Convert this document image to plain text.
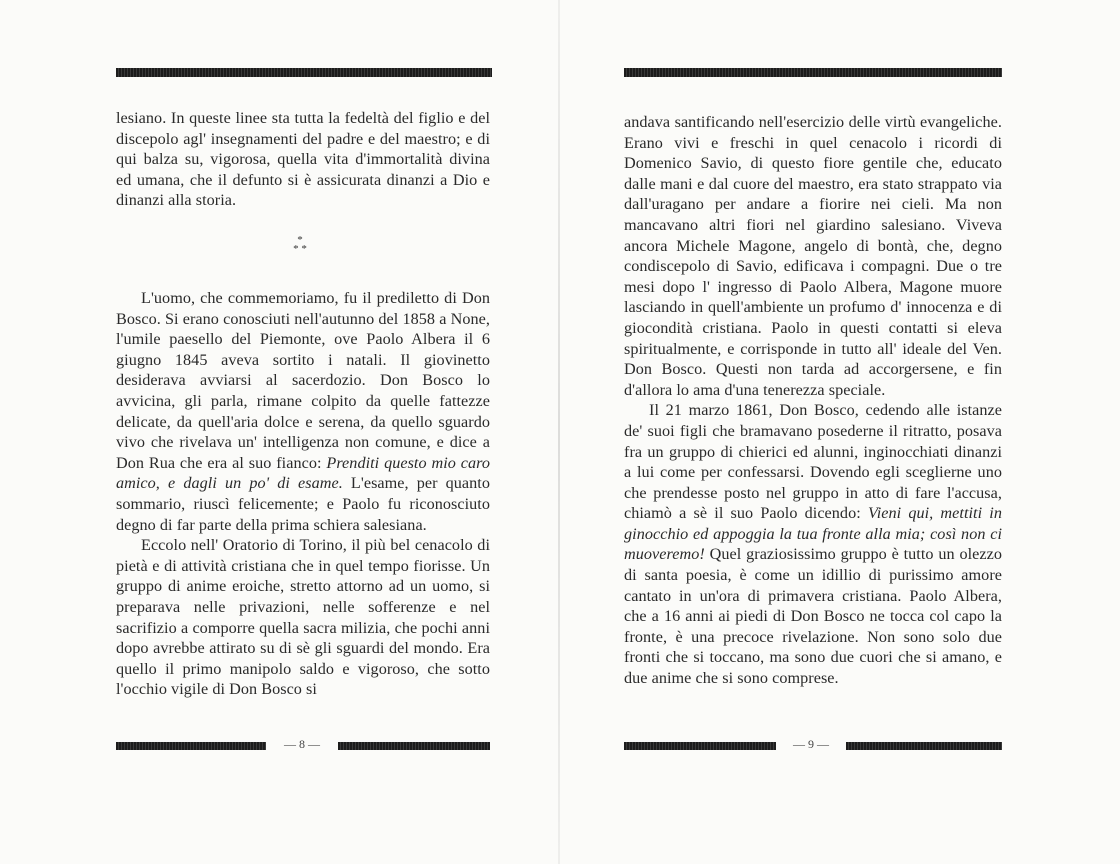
lesiano. In queste linee sta tutta la fedeltà del figlio e del discepolo agl' insegnamenti del padre e del maestro; e di qui balza su, vigorosa, quella vita d'immortalità divina ed umana, che il defunto si è assicurata dinanzi a Dio e dinanzi alla storia.

*
* *

L'uomo, che commemoriamo, fu il prediletto di Don Bosco. Si erano conosciuti nell'autunno del 1858 a None, l'umile paesello del Piemonte, ove Paolo Albera il 6 giugno 1845 aveva sortito i natali. Il giovinetto desiderava avviarsi al sacerdozio. Don Bosco lo avvicina, gli parla, rimane colpito da quelle fattezze delicate, da quell'aria dolce e serena, da quello sguardo vivo che rivelava un' intelligenza non comune, e dice a Don Rua che era al suo fianco: Prenditi questo mio caro amico, e dagli un po' di esame. L'esame, per quanto sommario, riuscì felicemente; e Paolo fu riconosciuto degno di far parte della prima schiera salesiana.

Eccolo nell' Oratorio di Torino, il più bel cenacolo di pietà e di attività cristiana che in quel tempo fiorisse. Un gruppo di anime eroiche, stretto attorno ad un uomo, si preparava nelle privazioni, nelle sofferenze e nel sacrifizio a comporre quella sacra milizia, che pochi anni dopo avrebbe attirato su di sè gli sguardi del mondo. Era quello il primo manipolo saldo e vigoroso, che sotto l'occhio vigile di Don Bosco si

— 8 —

andava santificando nell'esercizio delle virtù evangeliche. Erano vivi e freschi in quel cenacolo i ricordi di Domenico Savio, di questo fiore gentile che, educato dalle mani e dal cuore del maestro, era stato strappato via dall'uragano per andare a fiorire nei cieli. Ma non mancavano altri fiori nel giardino salesiano. Viveva ancora Michele Magone, angelo di bontà, che, degno condiscepolo di Savio, edificava i compagni. Due o tre mesi dopo l' ingresso di Paolo Albera, Magone muore lasciando in quell'ambiente un profumo d' innocenza e di giocondità cristiana. Paolo in questi contatti si eleva spiritualmente, e corrisponde in tutto all' ideale del Ven. Don Bosco. Questi non tarda ad accorgersene, e fin d'allora lo ama d'una tenerezza speciale.

Il 21 marzo 1861, Don Bosco, cedendo alle istanze de' suoi figli che bramavano posederne il ritratto, posava fra un gruppo di chierici ed alunni, inginocchiati dinanzi a lui come per confessarsi. Dovendo egli sceglierne uno che prendesse posto nel gruppo in atto di fare l'accusa, chiamò a sè il suo Paolo dicendo: Vieni qui, mettiti in ginocchio ed appoggia la tua fronte alla mia; così non ci muoveremo! Quel graziosissimo gruppo è tutto un olezzo di santa poesia, è come un idillio di purissimo amore cantato in un'ora di primavera cristiana. Paolo Albera, che a 16 anni ai piedi di Don Bosco ne tocca col capo la fronte, è una precoce rivelazione. Non sono solo due fronti che si toccano, ma sono due cuori che si amano, e due anime che si sono compresе.

— 9 —
